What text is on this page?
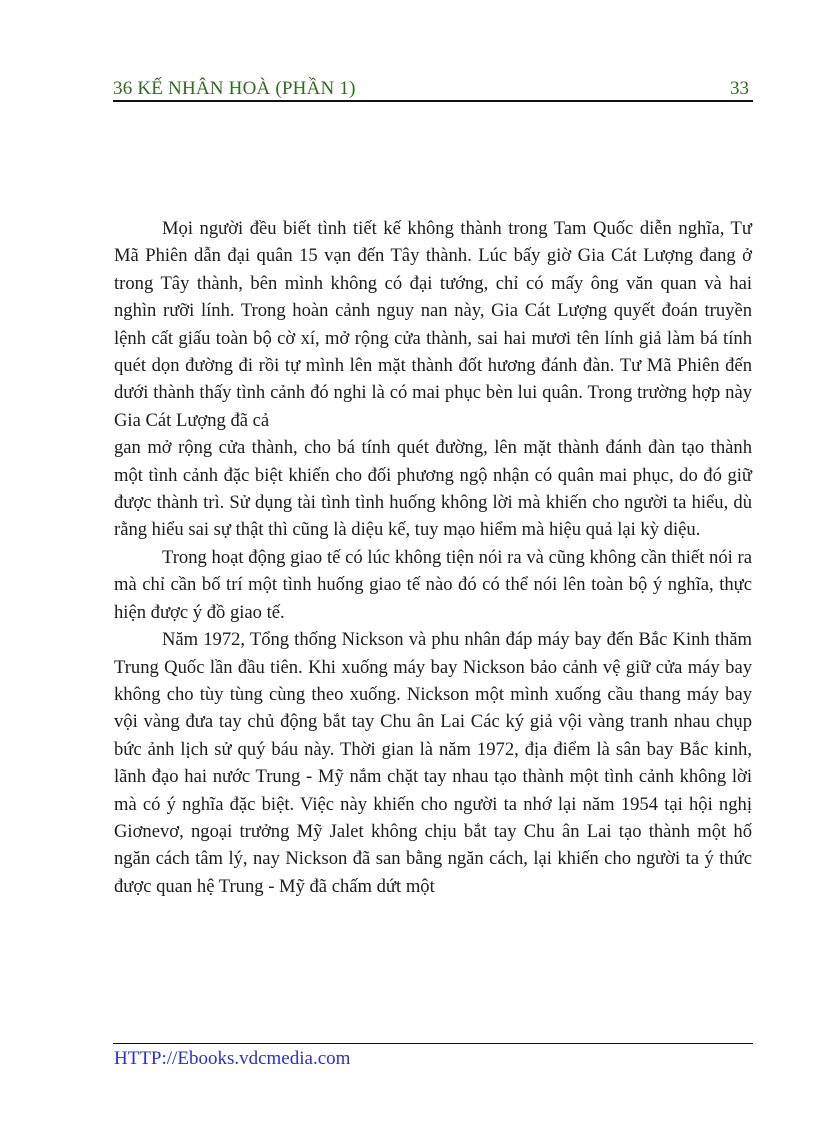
36 KẾ NHÂN HOÀ (PHẦN 1)	33

Mọi người đều biết tình tiết kế không thành trong Tam Quốc diễn nghĩa, Tư Mã Phiên dẫn đại quân 15 vạn đến Tây thành. Lúc bấy giờ Gia Cát Lượng đang ở trong Tây thành, bên mình không có đại tướng, chỉ có mấy ông văn quan và hai nghìn rưỡi lính. Trong hoàn cảnh nguy nan này, Gia Cát Lượng quyết đoán truyền lệnh cất giấu toàn bộ cờ xí, mở rộng cửa thành, sai hai mươi tên lính giả làm bá tính quét dọn đường đi rồi tự mình lên mặt thành đốt hương đánh đàn. Tư Mã Phiên đến dưới thành thấy tình cảnh đó nghi là có mai phục bèn lui quân. Trong trường hợp này Gia Cát Lượng đã cả

gan mở rộng cửa thành, cho bá tính quét đường, lên mặt thành đánh đàn tạo thành một tình cảnh đặc biệt khiến cho đối phương ngộ nhận có quân mai phục, do đó giữ được thành trì. Sử dụng tài tình tình huống không lời mà khiến cho người ta hiểu, dù rằng hiểu sai sự thật thì cũng là diệu kế, tuy mạo hiểm mà hiệu quả lại kỳ diệu.

Trong hoạt động giao tế có lúc không tiện nói ra và cũng không cần thiết nói ra mà chỉ cần bố trí một tình huống giao tế nào đó có thể nói lên toàn bộ ý nghĩa, thực hiện được ý đồ giao tế.

Năm 1972, Tổng thống Nickson và phu nhân đáp máy bay đến Bắc Kinh thăm Trung Quốc lần đầu tiên. Khi xuống máy bay Nickson bảo cảnh vệ giữ cửa máy bay không cho tùy tùng cùng theo xuống. Nickson một mình xuống cầu thang máy bay vội vàng đưa tay chủ động bắt tay Chu ân Lai Các ký giả vội vàng tranh nhau chụp bức ảnh lịch sử quý báu này. Thời gian là năm 1972, địa điểm là sân bay Bắc kinh, lãnh đạo hai nước Trung - Mỹ nắm chặt tay nhau tạo thành một tình cảnh không lời mà có ý nghĩa đặc biệt. Việc này khiến cho người ta nhớ lại năm 1954 tại hội nghị Giơnevơ, ngoại trưởng Mỹ Jalet không chịu bắt tay Chu ân Lai tạo thành một hố ngăn cách tâm lý, nay Nickson đã san bằng ngăn cách, lại khiến cho người ta ý thức được quan hệ Trung - Mỹ đã chấm dứt một

HTTP://Ebooks.vdcmedia.com
